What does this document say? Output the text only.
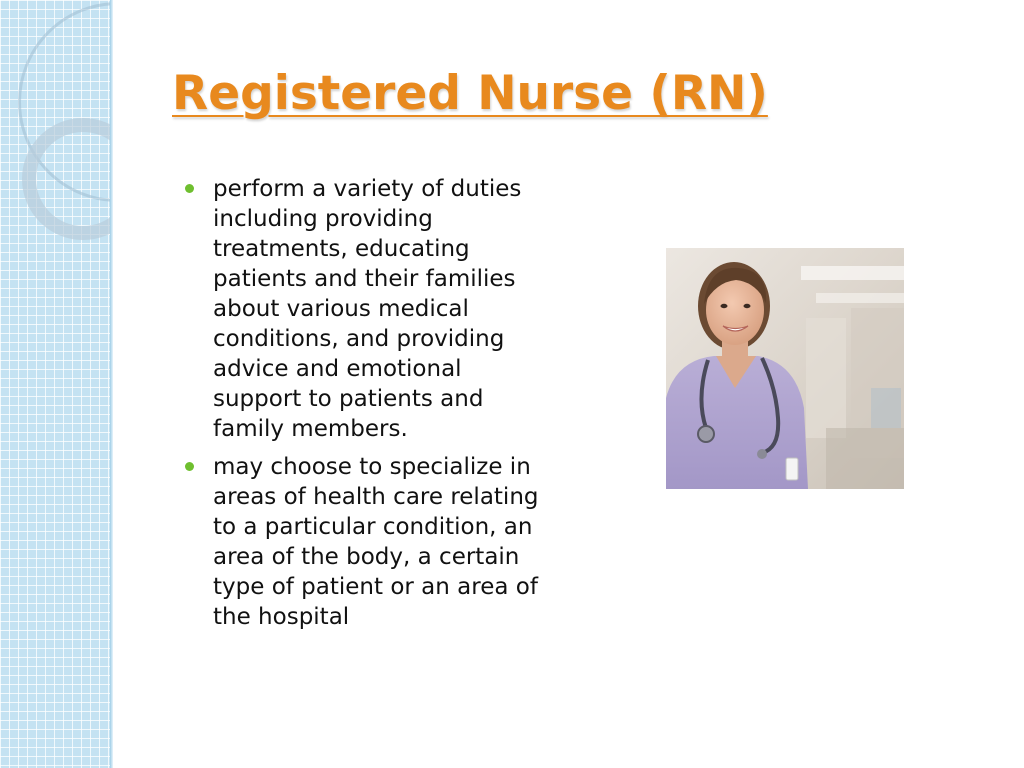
Registered Nurse (RN)
perform a variety of duties including providing treatments, educating patients and their families about various medical conditions, and providing advice and emotional support to patients and family members.
may choose to specialize in areas of health care relating to a particular condition, an area of the body, a certain type of patient or an area of the hospital
